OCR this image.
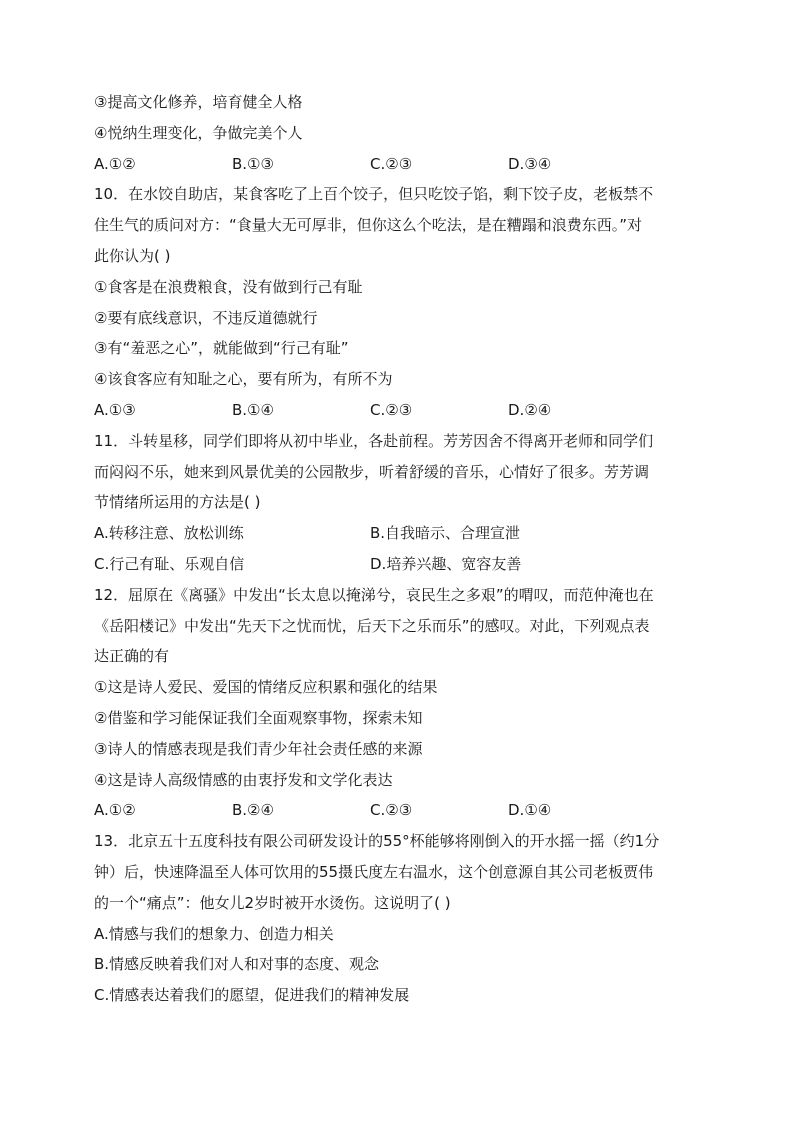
③提高文化修养，培育健全人格
④悦纳生理变化，争做完美个人
A.①②	B.①③	C.②③	D.③④
10．在水饺自助店，某食客吃了上百个饺子，但只吃饺子馅，剩下饺子皮，老板禁不
住生气的质问对方：“食量大无可厚非，但你这么个吃法，是在糟蹋和浪费东西。”对
此你认为( )
①食客是在浪费粮食，没有做到行己有耻
②要有底线意识，不违反道德就行
③有“羞恶之心”，就能做到“行己有耻”
④该食客应有知耻之心，要有所为，有所不为
A.①③	B.①④	C.②③	D.②④
11．斗转星移，同学们即将从初中毕业，各赴前程。芳芳因舍不得离开老师和同学们
而闷闷不乐，她来到风景优美的公园散步，听着舒缓的音乐，心情好了很多。芳芳调
节情绪所运用的方法是( )
A.转移注意、放松训练	B.自我暗示、合理宣泄
C.行己有耻、乐观自信	D.培养兴趣、宽容友善
12．屈原在《离骚》中发出“长太息以掩涕兮，哀民生之多艰”的喟叹，而范仲淹也在
《岳阳楼记》中发出“先天下之忧而忧，后天下之乐而乐”的感叹。对此，下列观点表
达正确的有
①这是诗人爱民、爱国的情绪反应积累和强化的结果
②借鉴和学习能保证我们全面观察事物，探索未知
③诗人的情感表现是我们青少年社会责任感的来源
④这是诗人高级情感的由衷抒发和文学化表达
A.①②	B.②④	C.②③	D.①④
13．北京五十五度科技有限公司研发设计的55°杯能够将刚倒入的开水摇一摇（约1分
钟）后，快速降温至人体可饮用的55摄氏度左右温水，这个创意源自其公司老板贾伟
的一个“痛点”：他女儿2岁时被开水烫伤。这说明了( )
A.情感与我们的想象力、创造力相关
B.情感反映着我们对人和对事的态度、观念
C.情感表达着我们的愿望，促进我们的精神发展
